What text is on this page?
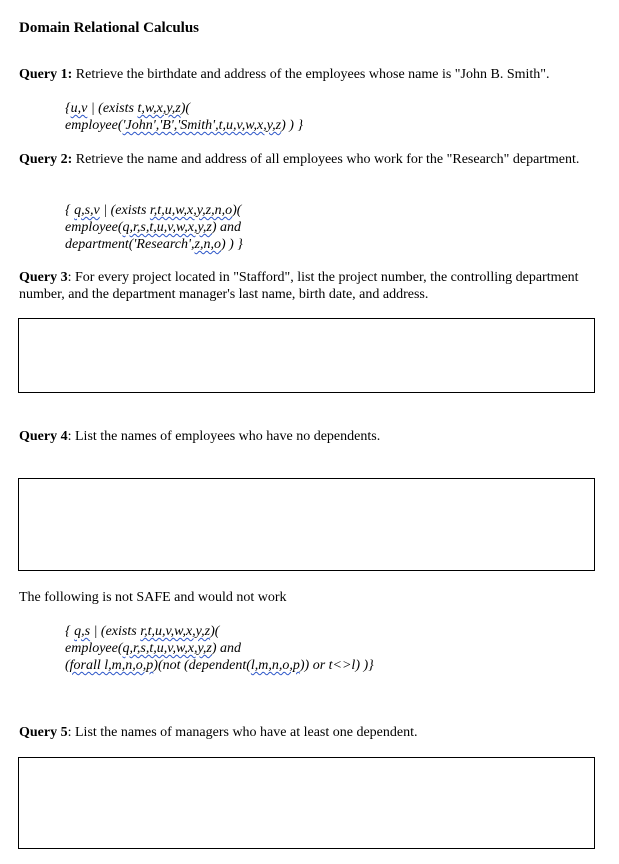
Domain Relational Calculus
Query 1: Retrieve the birthdate and address of the employees whose name is "John B. Smith".
{u,v | (exists t,w,x,y,z)(
employee('John','B','Smith',t,u,v,w,x,y,z) ) }
Query 2: Retrieve the name and address of all employees who work for the "Research" department.
{ q,s,v | (exists r,t,u,w,x,y,z,n,o)(
employee(q,r,s,t,u,v,w,x,y,z) and
department('Research',z,n,o) ) }
Query 3: For every project located in "Stafford", list the project number, the controlling department number, and the department manager's last name, birth date, and address.
Query 4: List the names of employees who have no dependents.
The following is not SAFE and would not work
{ q,s | (exists r,t,u,v,w,x,y,z)(
employee(q,r,s,t,u,v,w,x,y,z) and
(forall l,m,n,o,p)(not (dependent(l,m,n,o,p)) or t<>l) )}
Query 5: List the names of managers who have at least one dependent.
